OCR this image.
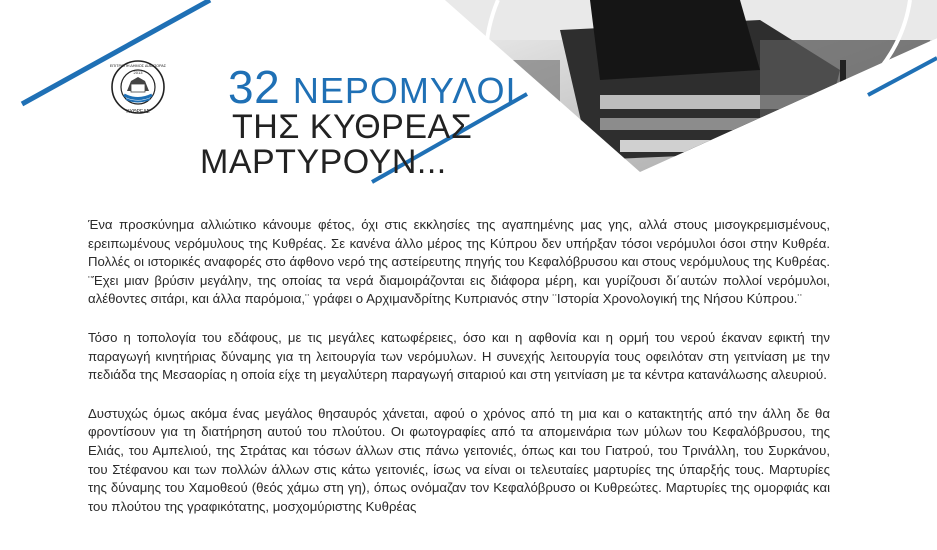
ΕΠΙΤΡΟΠΗ ΔΗΜΟΣ ΔΙΑΣΠΟΡΑΣ
2013
ΚΥΘΡΕΑΣ 32 ΝΕΡΟΜΥΛΟΙ
ΤΗΣ ΚΥΘΡΕΑΣ
ΜΑΡΤΥΡΟΥΝ...

Ένα προσκύνημα αλλιώτικο κάνουμε φέτος, όχι στις εκκλησίες της αγαπημένης μας γης, αλλά στους μισογκρεμισμένους, ερειπωμένους νερόμυλους της Κυθρέας. Σε κανένα άλλο μέρος της Κύπρου δεν υπήρξαν τόσοι νερόμυλοι όσοι στην Κυθρέα. Πολλές οι ιστορικές αναφορές στο άφθονο νερό της αστείρευτης πηγής του Κεφαλόβρυσου και στους νερόμυλους της Κυθρέας. ¨Έχει μιαν βρύσιν μεγάλην, της οποίας τα νερά διαμοιράζονται εις διάφορα μέρη, και γυρίζουσι δι΄αυτών πολλοί νερόμυλοι, αλέθοντες σιτάρι, και άλλα παρόμοια,¨ γράφει ο Αρχιμανδρίτης Κυπριανός στην ¨Ιστορία Χρονολογική της Νήσου Κύπρου.¨

Τόσο η τοπολογία του εδάφους, με τις μεγάλες κατωφέρειες, όσο και η αφθονία και η ορμή του νερού έκαναν εφικτή την παραγωγή κινητήριας δύναμης για τη λειτουργία των νερόμυλων. Η συνεχής λειτουργία τους οφειλόταν στη γειτνίαση με την πεδιάδα της Μεσαορίας η οποία είχε τη μεγαλύτερη παραγωγή σιταριού και στη γειτνίαση με τα κέντρα κατανάλωσης αλευριού.

Δυστυχώς όμως ακόμα ένας μεγάλος θησαυρός χάνεται, αφού ο χρόνος από τη μια και ο κατακτητής από την άλλη δε θα φροντίσουν για τη διατήρηση αυτού του πλούτου. Οι φωτογραφίες από τα απομεινάρια των μύλων του Κεφαλόβρυσου, της Ελιάς, του Αμπελιού, της Στράτας και τόσων άλλων στις πάνω γειτονιές, όπως και του Γιατρού, του Τρινάλλη, του Συρκάνου, του Στέφανου και των πολλών άλλων στις κάτω γειτονιές, ίσως να είναι οι τελευταίες μαρτυρίες της ύπαρξής τους. Μαρτυρίες της δύναμης του Χαμοθεού (θεός χάμω στη γη), όπως ονόμαζαν τον Κεφαλόβρυσο οι Κυθρεώτες. Μαρτυρίες της ομορφιάς και του πλούτου της γραφικότατης, μοσχομύριστης Κυθρέας
